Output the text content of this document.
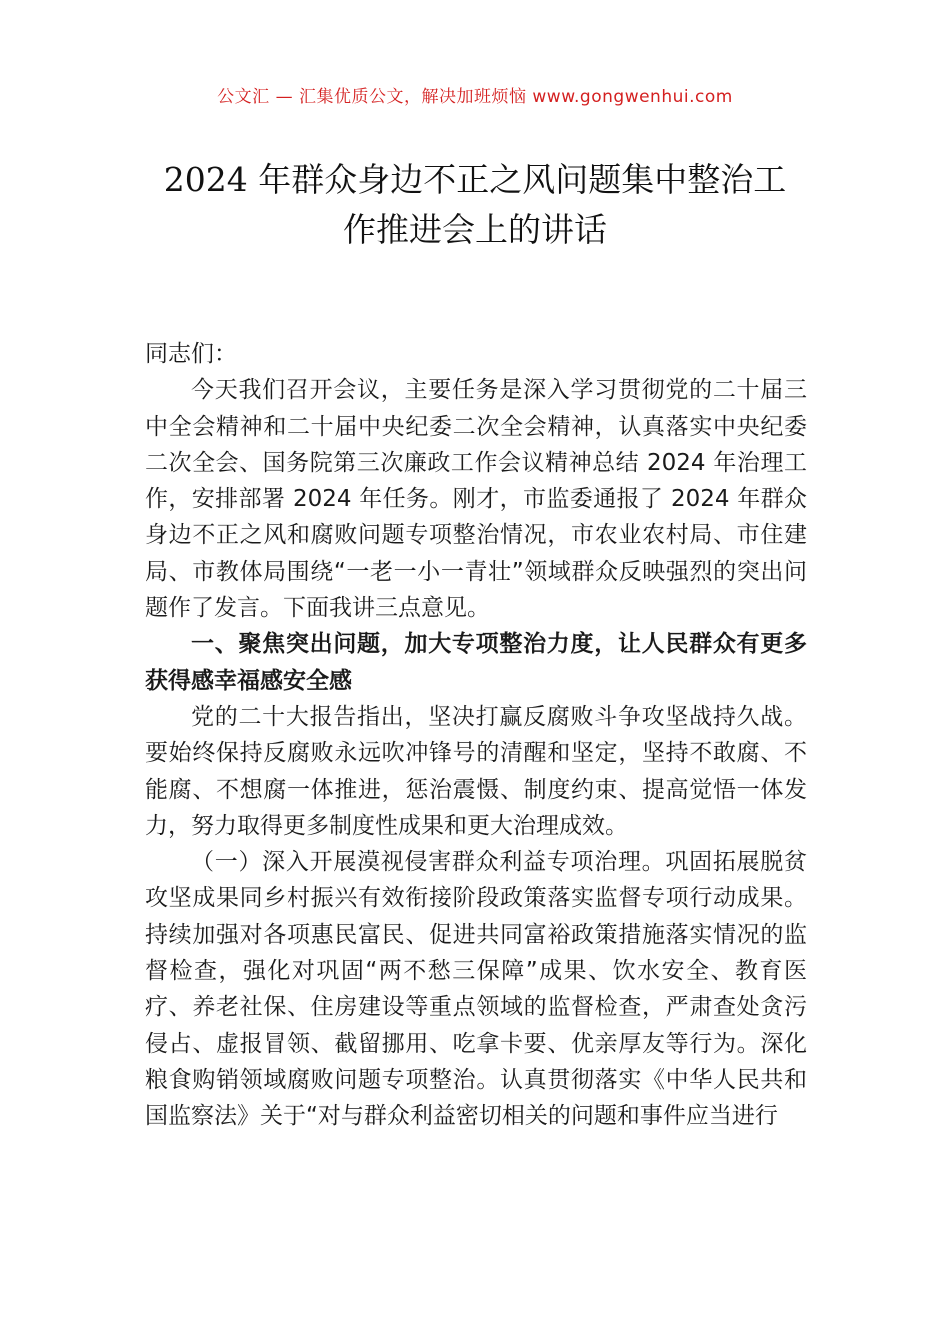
公文汇 — 汇集优质公文，解决加班烦恼 www.gongwenhui.com
2024 年群众身边不正之风问题集中整治工
作推进会上的讲话

同志们：

今天我们召开会议，主要任务是深入学习贯彻党的二十届三中全会精神和二十届中央纪委二次全会精神，认真落实中央纪委二次全会、国务院第三次廉政工作会议精神总结 2024 年治理工作，安排部署 2024 年任务。刚才，市监委通报了 2024 年群众身边不正之风和腐败问题专项整治情况，市农业农村局、市住建局、市教体局围绕“一老一小一青壮”领域群众反映强烈的突出问题作了发言。下面我讲三点意见。

一、聚焦突出问题，加大专项整治力度，让人民群众有更多获得感幸福感安全感

党的二十大报告指出，坚决打赢反腐败斗争攻坚战持久战。要始终保持反腐败永远吹冲锋号的清醒和坚定，坚持不敢腐、不能腐、不想腐一体推进，惩治震慑、制度约束、提高觉悟一体发力，努力取得更多制度性成果和更大治理成效。

（一）深入开展漠视侵害群众利益专项治理。巩固拓展脱贫攻坚成果同乡村振兴有效衔接阶段政策落实监督专项行动成果。持续加强对各项惠民富民、促进共同富裕政策措施落实情况的监督检查，强化对巩固“两不愁三保障”成果、饮水安全、教育医疗、养老社保、住房建设等重点领域的监督检查，严肃查处贪污侵占、虚报冒领、截留挪用、吃拿卡要、优亲厚友等行为。深化粮食购销领域腐败问题专项整治。认真贯彻落实《中华人民共和国监察法》关于“对与群众利益密切相关的问题和事件应当进行
